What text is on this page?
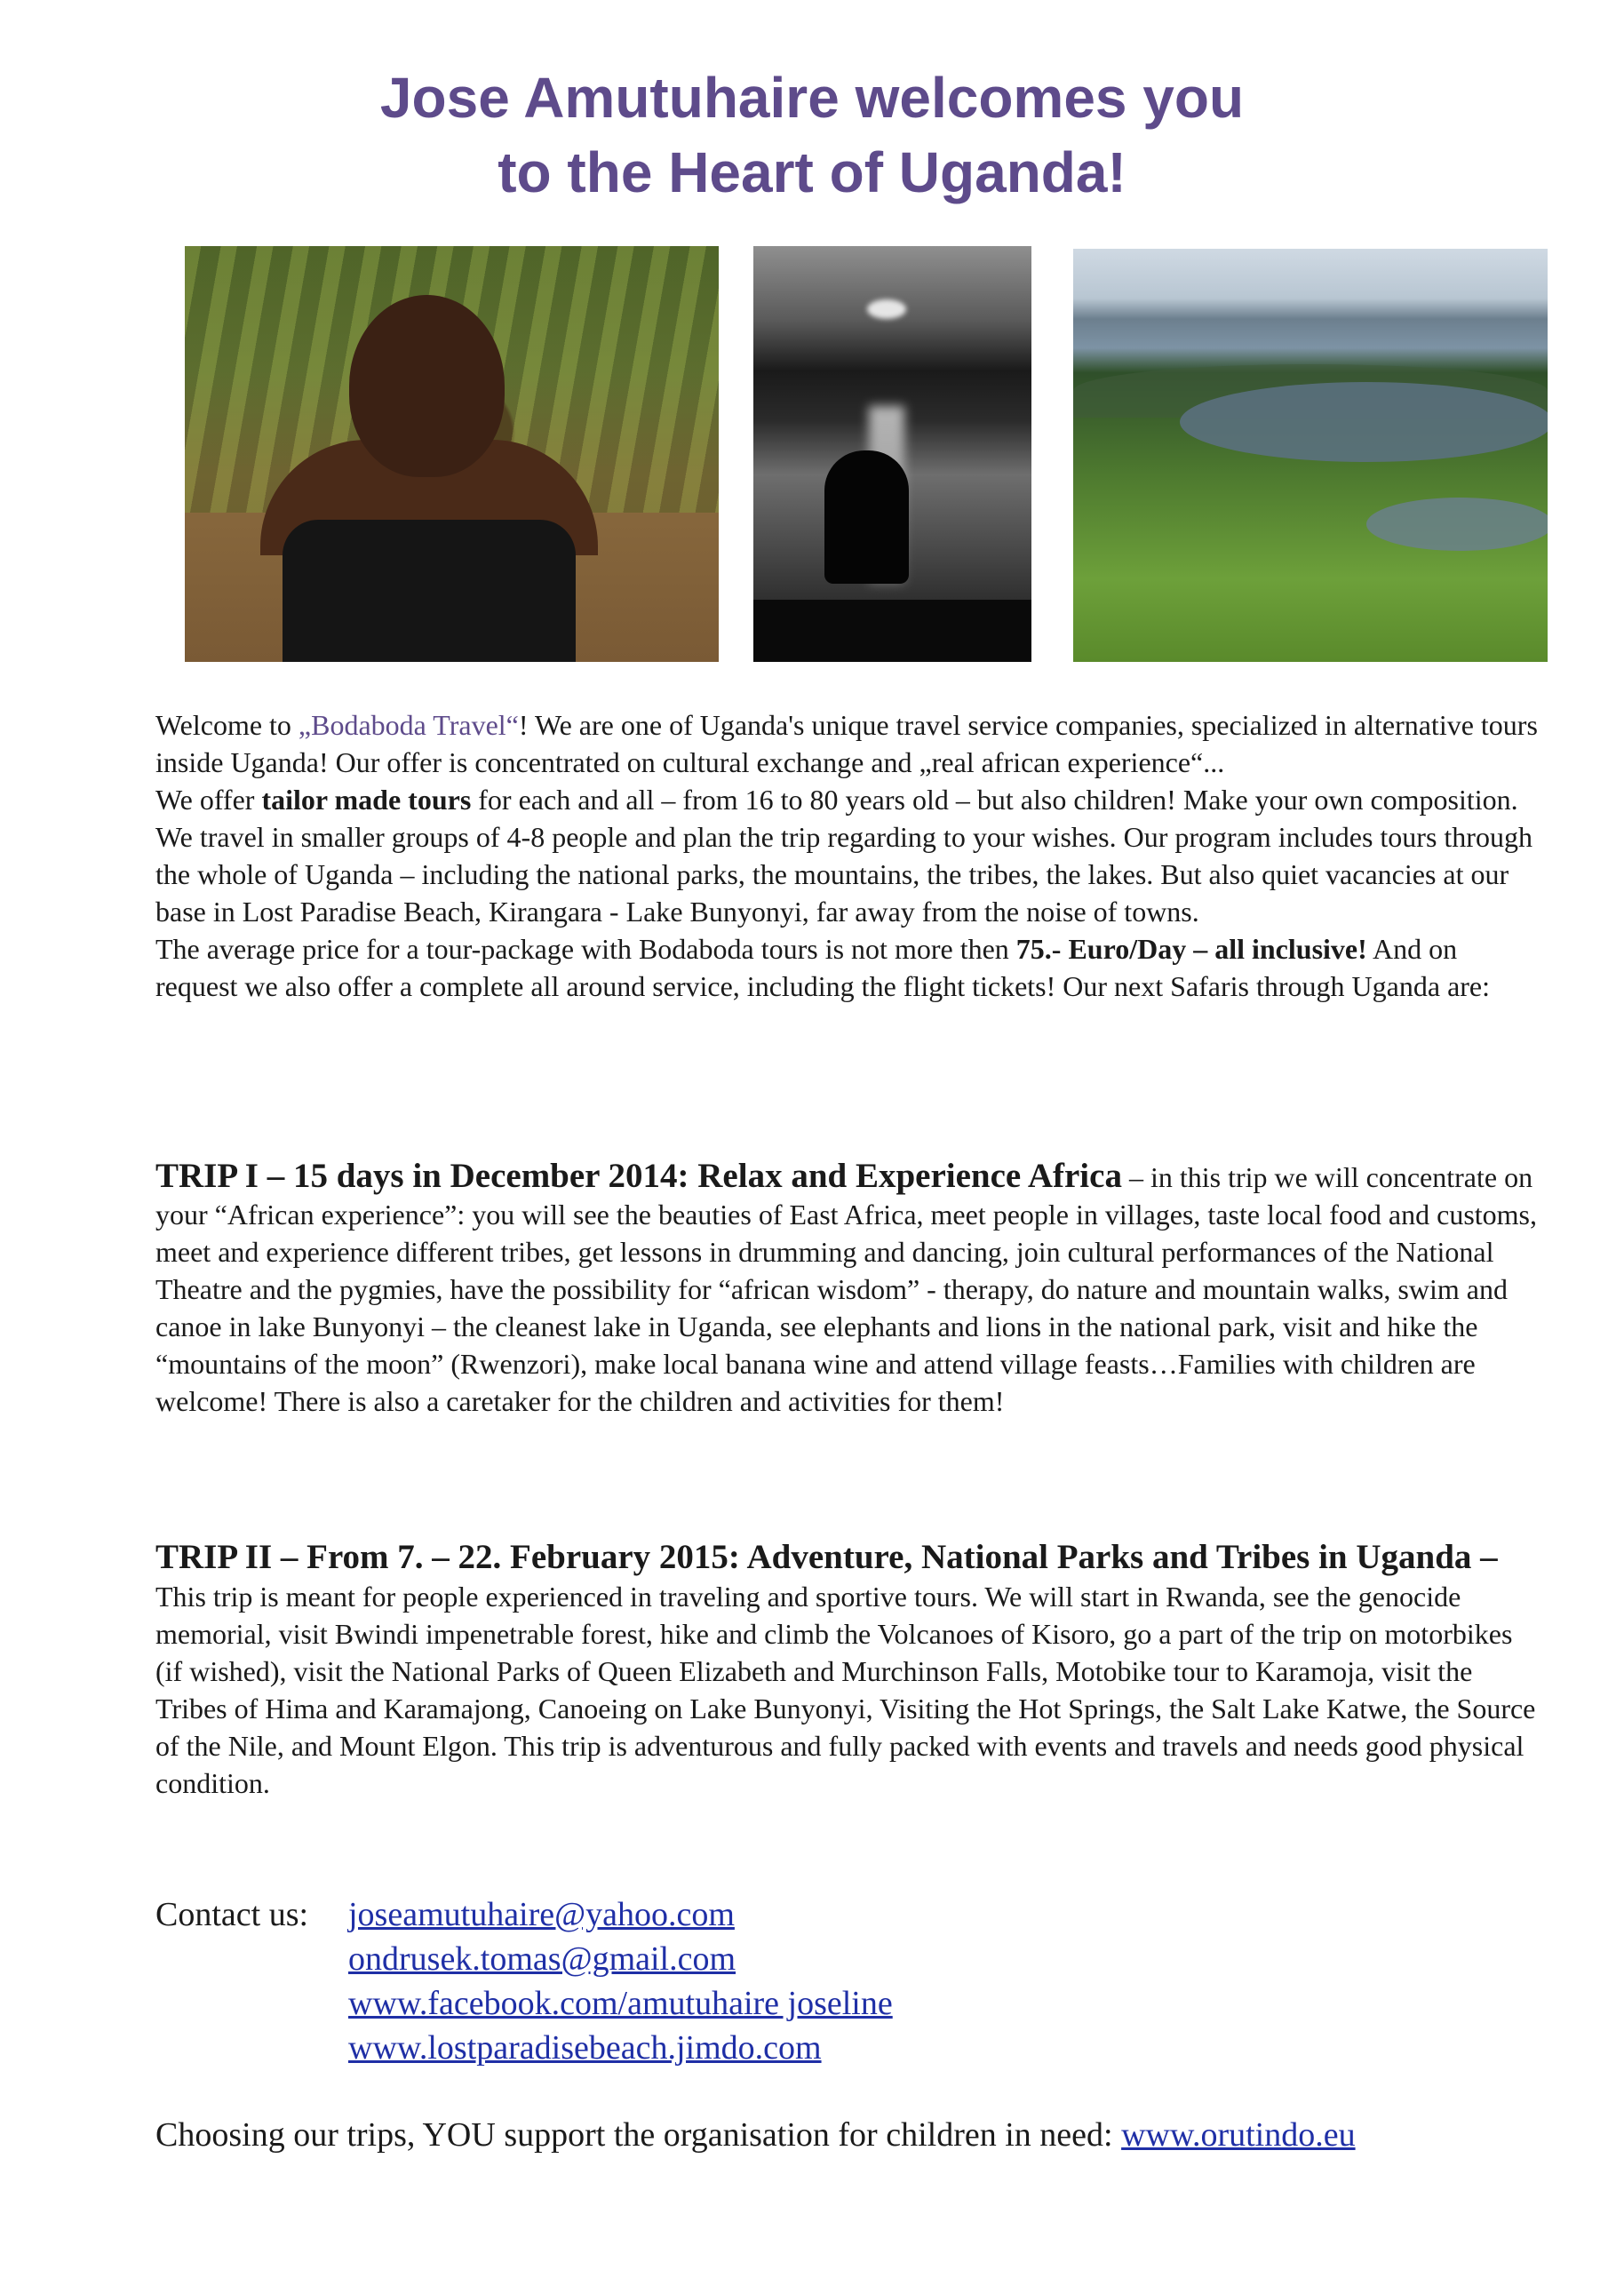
Jose Amutuhaire welcomes you
to the Heart of Uganda!
Welcome to „Bodaboda Travel“! We are one of Uganda's unique travel service companies, specialized in alternative tours inside Uganda! Our offer is concentrated on cultural exchange and „real african experience“...
We offer tailor made tours for each and all – from 16 to 80 years old – but also children! Make your own composition. We travel in smaller groups of 4-8 people and plan the trip regarding to your wishes. Our program includes tours through the whole of Uganda – including the national parks, the mountains, the tribes, the lakes. But also quiet vacancies at our base in Lost Paradise Beach, Kirangara - Lake Bunyonyi, far away from the noise of towns.
The average price for a tour-package with Bodaboda tours is not more then 75.- Euro/Day – all inclusive! And on request we also offer a complete all around service, including the flight tickets! Our next Safaris through Uganda are:
TRIP I – 15 days in December 2014: Relax and Experience Africa – in this trip we will concentrate on your “African experience”: you will see the beauties of East Africa, meet people in villages, taste local food and customs, meet and experience different tribes, get lessons in drumming and dancing, join cultural performances of the National Theatre and the pygmies, have the possibility for “african wisdom” - therapy, do nature and mountain walks, swim and canoe in lake Bunyonyi – the cleanest lake in Uganda, see elephants and lions in the national park, visit and hike the “mountains of the moon” (Rwenzori), make local banana wine and attend village feasts…Families with children are welcome! There is also a caretaker for the children and activities for them!
TRIP II – From 7. – 22. February 2015: Adventure, National Parks and Tribes in Uganda –
This trip is meant for people experienced in traveling and sportive tours. We will start in Rwanda, see the genocide memorial, visit Bwindi impenetrable forest, hike and climb the Volcanoes of Kisoro, go a part of the trip on motorbikes (if wished), visit the National Parks of Queen Elizabeth and Murchinson Falls, Motobike tour to Karamoja, visit the Tribes of Hima and Karamajong, Canoeing on Lake Bunyonyi, Visiting the Hot Springs, the Salt Lake Katwe, the Source of the Nile, and Mount Elgon. This trip is adventurous and fully packed with events and travels and needs good physical condition.
Contact us:	joseamutuhaire@yahoo.com
ondrusek.tomas@gmail.com
www.facebook.com/amutuhaire joseline
www.lostparadisebeach.jimdo.com
Choosing our trips, YOU support the organisation for children in need: www.orutindo.eu
